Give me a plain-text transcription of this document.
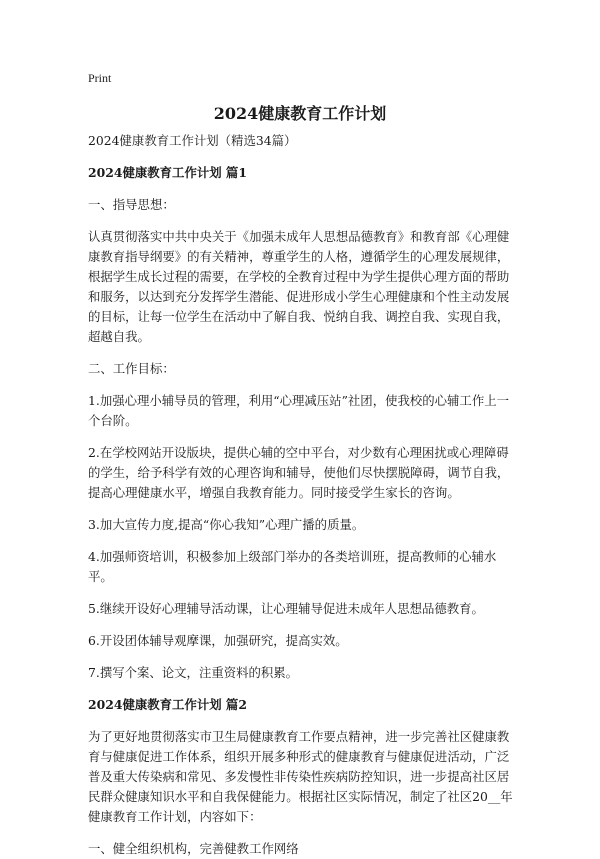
Print
2024健康教育工作计划

2024健康教育工作计划（精选34篇）

2024健康教育工作计划 篇1

一、指导思想：

认真贯彻落实中共中央关于《加强未成年人思想品德教育》和教育部《心理健康教育指导纲要》的有关精神，尊重学生的人格，遵循学生的心理发展规律，根据学生成长过程的需要，在学校的全教育过程中为学生提供心理方面的帮助和服务，以达到充分发挥学生潜能、促进形成小学生心理健康和个性主动发展的目标，让每一位学生在活动中了解自我、悦纳自我、调控自我、实现自我，超越自我。

二、工作目标：

1.加强心理小辅导员的管理，利用“心理减压站”社团，使我校的心辅工作上一个台阶。

2.在学校网站开设版块，提供心辅的空中平台，对少数有心理困扰或心理障碍的学生，给予科学有效的心理咨询和辅导，使他们尽快摆脱障碍，调节自我，提高心理健康水平，增强自我教育能力。同时接受学生家长的咨询。

3.加大宣传力度,提高“你心我知”心理广播的质量。

4.加强师资培训，积极参加上级部门举办的各类培训班，提高教师的心辅水平。

5.继续开设好心理辅导活动课，让心理辅导促进未成年人思想品德教育。

6.开设团体辅导观摩课，加强研究，提高实效。

7.撰写个案、论文，注重资料的积累。

2024健康教育工作计划 篇2

为了更好地贯彻落实市卫生局健康教育工作要点精神，进一步完善社区健康教育与健康促进工作体系，组织开展多种形式的健康教育与健康促进活动，广泛普及重大传染病和常见、多发慢性非传染性疾病防控知识，进一步提高社区居民群众健康知识水平和自我保健能力。根据社区实际情况，制定了社区20__年健康教育工作计划，内容如下：

一、健全组织机构，完善健教工作网络
